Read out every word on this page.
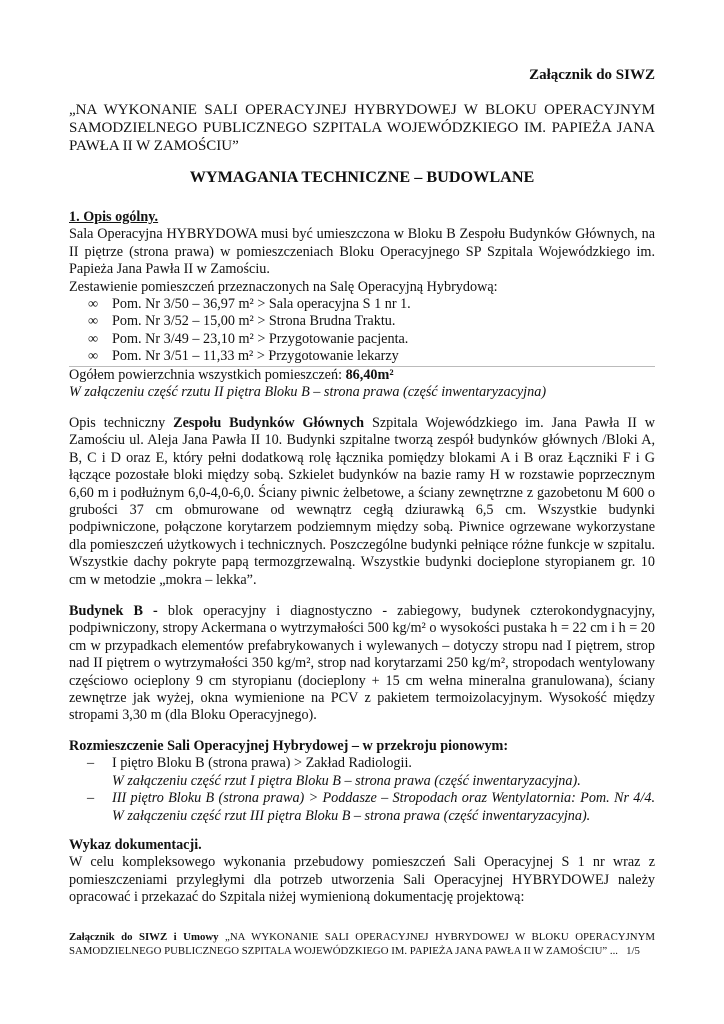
Załącznik do SIWZ
„NA WYKONANIE SALI OPERACYJNEJ HYBRYDOWEJ W BLOKU OPERACYJNYM SAMODZIELNEGO PUBLICZNEGO SZPITALA WOJEWÓDZKIEGO IM. PAPIEŻA JANA PAWŁA II W ZAMOŚCIU”
WYMAGANIA TECHNICZNE – BUDOWLANE
1. Opis ogólny.
Sala Operacyjna HYBRYDOWA musi być umieszczona w Bloku B Zespołu Budynków Głównych, na II piętrze (strona prawa) w pomieszczeniach Bloku Operacyjnego SP Szpitala Wojewódzkiego im. Papieża Jana Pawła II w Zamościu.
Zestawienie pomieszczeń przeznaczonych na Salę Operacyjną Hybrydową:
∞ Pom. Nr 3/50 – 36,97 m² > Sala operacyjna S 1 nr 1.
∞ Pom. Nr 3/52 – 15,00 m² > Strona Brudna Traktu.
∞ Pom. Nr 3/49 – 23,10 m² > Przygotowanie pacjenta.
∞ Pom. Nr 3/51 – 11,33 m² > Przygotowanie lekarzy
Ogółem powierzchnia wszystkich pomieszczeń: 86,40m²
W załączeniu część rzutu II piętra Bloku B – strona prawa (część inwentaryzacyjna)
Opis techniczny Zespołu Budynków Głównych Szpitala Wojewódzkiego im. Jana Pawła II w Zamościu ul. Aleja Jana Pawła II 10. Budynki szpitalne tworzą zespół budynków głównych /Bloki A, B, C i D oraz E, który pełni dodatkową rolę łącznika pomiędzy blokami A i B oraz Łączniki F i G łączące pozostałe bloki między sobą. Szkielet budynków na bazie ramy H w rozstawie poprzecznym 6,60 m i podłużnym 6,0-4,0-6,0. Ściany piwnic żelbetowe, a ściany zewnętrzne z gazobetonu M 600 o grubości 37 cm obmurowane od wewnątrz cegłą dziurawką 6,5 cm. Wszystkie budynki podpiwniczone, połączone korytarzem podziemnym między sobą. Piwnice ogrzewane wykorzystane dla pomieszczeń użytkowych i technicznych. Poszczególne budynki pełniące różne funkcje w szpitalu. Wszystkie dachy pokryte papą termozgrzewalną. Wszystkie budynki docieplone styropianem gr. 10 cm w metodzie „mokra – lekka”.
Budynek B - blok operacyjny i diagnostyczno - zabiegowy, budynek czterokondygnacyjny, podpiwniczony, stropy Ackermana o wytrzymałości 500 kg/m² o wysokości pustaka h = 22 cm i h = 20 cm w przypadkach elementów prefabrykowanych i wylewanych – dotyczy stropu nad I piętrem, strop nad II piętrem o wytrzymałości 350 kg/m², strop nad korytarzami 250 kg/m², stropodach wentylowany częściowo ocieplony 9 cm styropianu (docieplony + 15 cm wełna mineralna granulowana), ściany zewnętrze jak wyżej, okna wymienione na PCV z pakietem termoizolacyjnym. Wysokość między stropami 3,30 m (dla Bloku Operacyjnego).
Rozmieszczenie Sali Operacyjnej Hybrydowej – w przekroju pionowym:
– I piętro Bloku B (strona prawa) > Zakład Radiologii.
W załączeniu część rzut I piętra Bloku B – strona prawa (część inwentaryzacyjna).
– III piętro Bloku B (strona prawa) > Poddasze – Stropodach oraz Wentylatornia: Pom. Nr 4/4. W załączeniu część rzut III piętra Bloku B – strona prawa (część inwentaryzacyjna).
Wykaz dokumentacji.
W celu kompleksowego wykonania przebudowy pomieszczeń Sali Operacyjnej S 1 nr wraz z pomieszczeniami przyległymi dla potrzeb utworzenia Sali Operacyjnej HYBRYDOWEJ należy opracować i przekazać do Szpitala niżej wymienioną dokumentację projektową:
Załącznik do SIWZ i Umowy „NA WYKONANIE SALI OPERACYJNEJ HYBRYDOWEJ W BLOKU OPERACYJNYM SAMODZIELNEGO PUBLICZNEGO SZPITALA WOJEWÓDZKIEGO IM. PAPIEŻA JANA PAWŁA II W ZAMOŚCIU” ... 1/5
